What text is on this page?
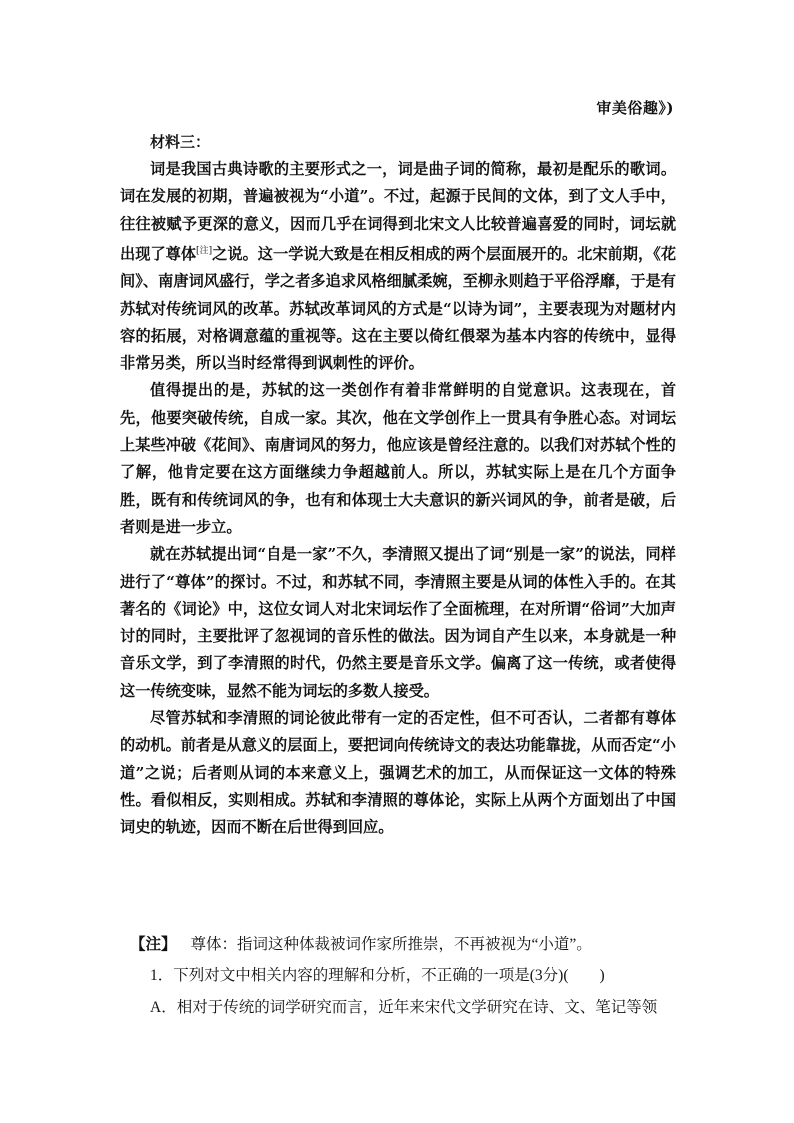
审美俗趣》)
材料三：

词是我国古典诗歌的主要形式之一，词是曲子词的简称，最初是配乐的歌词。词在发展的初期，普遍被视为“小道”。不过，起源于民间的文体，到了文人手中，往往被赋予更深的意义，因而几乎在词得到北宋文人比较普遍喜爱的同时，词坛就出现了尊体[注]之说。这一学说大致是在相反相成的两个层面展开的。北宋前期，《花间》、南唐词风盛行，学之者多追求风格细腻柔婉，至柳永则趋于平俗浮靡，于是有苏轼对传统词风的改革。苏轼改革词风的方式是“以诗为词”，主要表现为对题材内容的拓展，对格调意蕴的重视等。这在主要以倚红偎翠为基本内容的传统中，显得非常另类，所以当时经常得到讽刺性的评价。

值得提出的是，苏轼的这一类创作有着非常鲜明的自觉意识。这表现在，首先，他要突破传统，自成一家。其次，他在文学创作上一贯具有争胜心态。对词坛上某些冲破《花间》、南唐词风的努力，他应该是曾经注意的。以我们对苏轼个性的了解，他肯定要在这方面继续力争超越前人。所以，苏轼实际上是在几个方面争胜，既有和传统词风的争，也有和体现士大夫意识的新兴词风的争，前者是破，后者则是进一步立。

就在苏轼提出词“自是一家”不久，李清照又提出了词“别是一家”的说法，同样进行了“尊体”的探讨。不过，和苏轼不同，李清照主要是从词的体性入手的。在其著名的《词论》中，这位女词人对北宋词坛作了全面梳理，在对所谓“俗词”大加声讨的同时，主要批评了忽视词的音乐性的做法。因为词自产生以来，本身就是一种音乐文学，到了李清照的时代，仍然主要是音乐文学。偏离了这一传统，或者使得这一传统变味，显然不能为词坛的多数人接受。

尽管苏轼和李清照的词论彼此带有一定的否定性，但不可否认，二者都有尊体的动机。前者是从意义的层面上，要把词向传统诗文的表达功能靠拢，从而否定“小道”之说；后者则从词的本来意义上，强调艺术的加工，从而保证这一文体的特殊性。看似相反，实则相成。苏轼和李清照的尊体论，实际上从两个方面划出了中国词史的轨迹，因而不断在后世得到回应。

【注】 尊体：指词这种体裁被词作家所推崇，不再被视为“小道”。
1．下列对文中相关内容的理解和分析，不正确的一项是(3分)(　　)
A．相对于传统的词学研究而言，近年来宋代文学研究在诗、文、笔记等领
